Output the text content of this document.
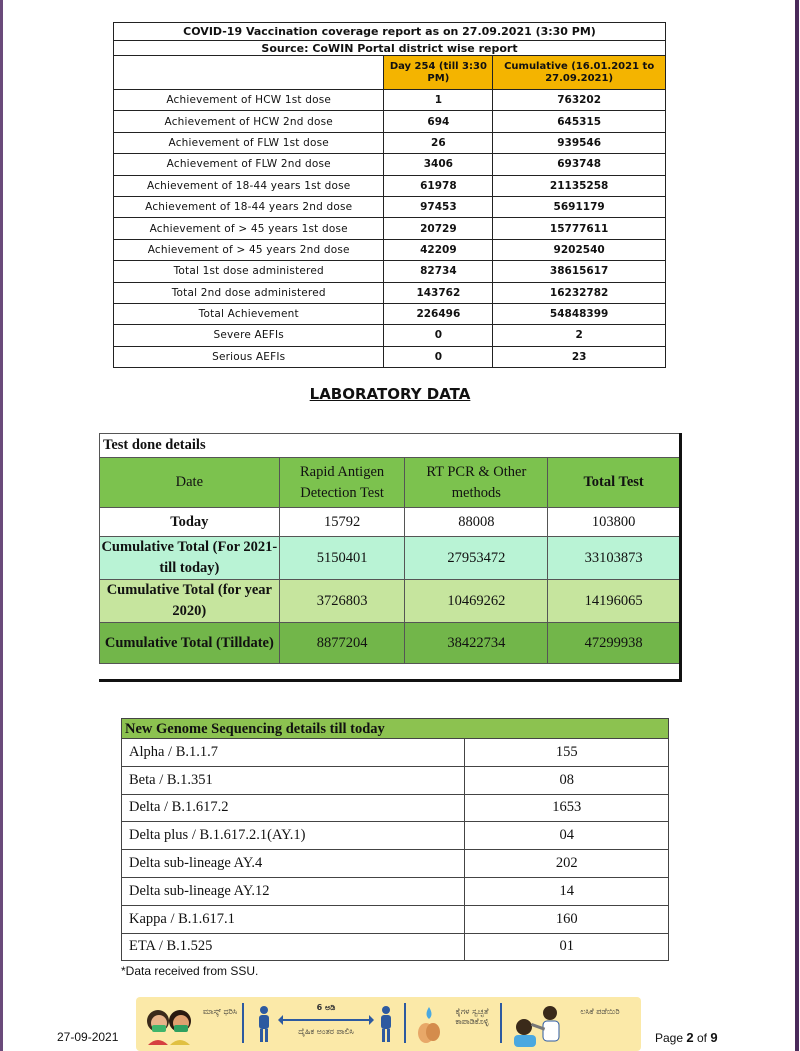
COVID-19 Vaccination coverage report as on 27.09.2021 (3:30 PM)		
Source: CoWIN Portal district wise report		
	Day 254 (till 3:30 PM)	Cumulative (16.01.2021 to 27.09.2021)
Achievement of HCW 1st dose	1	763202
Achievement of HCW 2nd dose	694	645315
Achievement of FLW 1st dose	26	939546
Achievement of FLW 2nd dose	3406	693748
Achievement of 18-44 years 1st dose	61978	21135258
Achievement of 18-44 years 2nd dose	97453	5691179
Achievement of > 45 years 1st dose	20729	15777611
Achievement of > 45 years 2nd dose	42209	9202540
Total 1st dose administered	82734	38615617
Total 2nd dose administered	143762	16232782
Total Achievement	226496	54848399
Severe AEFIs	0	2
Serious AEFIs	0	23
LABORATORY DATA
Test done details			
Date	Rapid Antigen Detection Test	RT PCR & Other methods	Total Test
Today	15792	88008	103800
Cumulative Total (For 2021- till today)	5150401	27953472	33103873
Cumulative Total (for year 2020)	3726803	10469262	14196065
Cumulative Total (Tilldate)	8877204	38422734	47299938
New Genome Sequencing details till today	
Alpha / B.1.1.7	155
Beta / B.1.351	08
Delta / B.1.617.2	1653
Delta plus / B.1.617.2.1(AY.1)	04
Delta sub-lineage AY.4	202
Delta sub-lineage AY.12	14
Kappa / B.1.617.1	160
ETA / B.1.525	01
*Data received from SSU.
ಮಾಸ್ಕ್ ಧರಿಸಿ	6 ಅಡಿ
ದೈಹಿಕ ಅಂತರ ಪಾಲಿಸಿ
ಕೈಗಳ ಸ್ವಚ್ಛತೆ ಕಾಪಾಡಿಕೊಳ್ಳಿ
ಲಸಿಕೆ ಪಡೆಯಿರಿ
27-09-2021	Page 2 of 9
